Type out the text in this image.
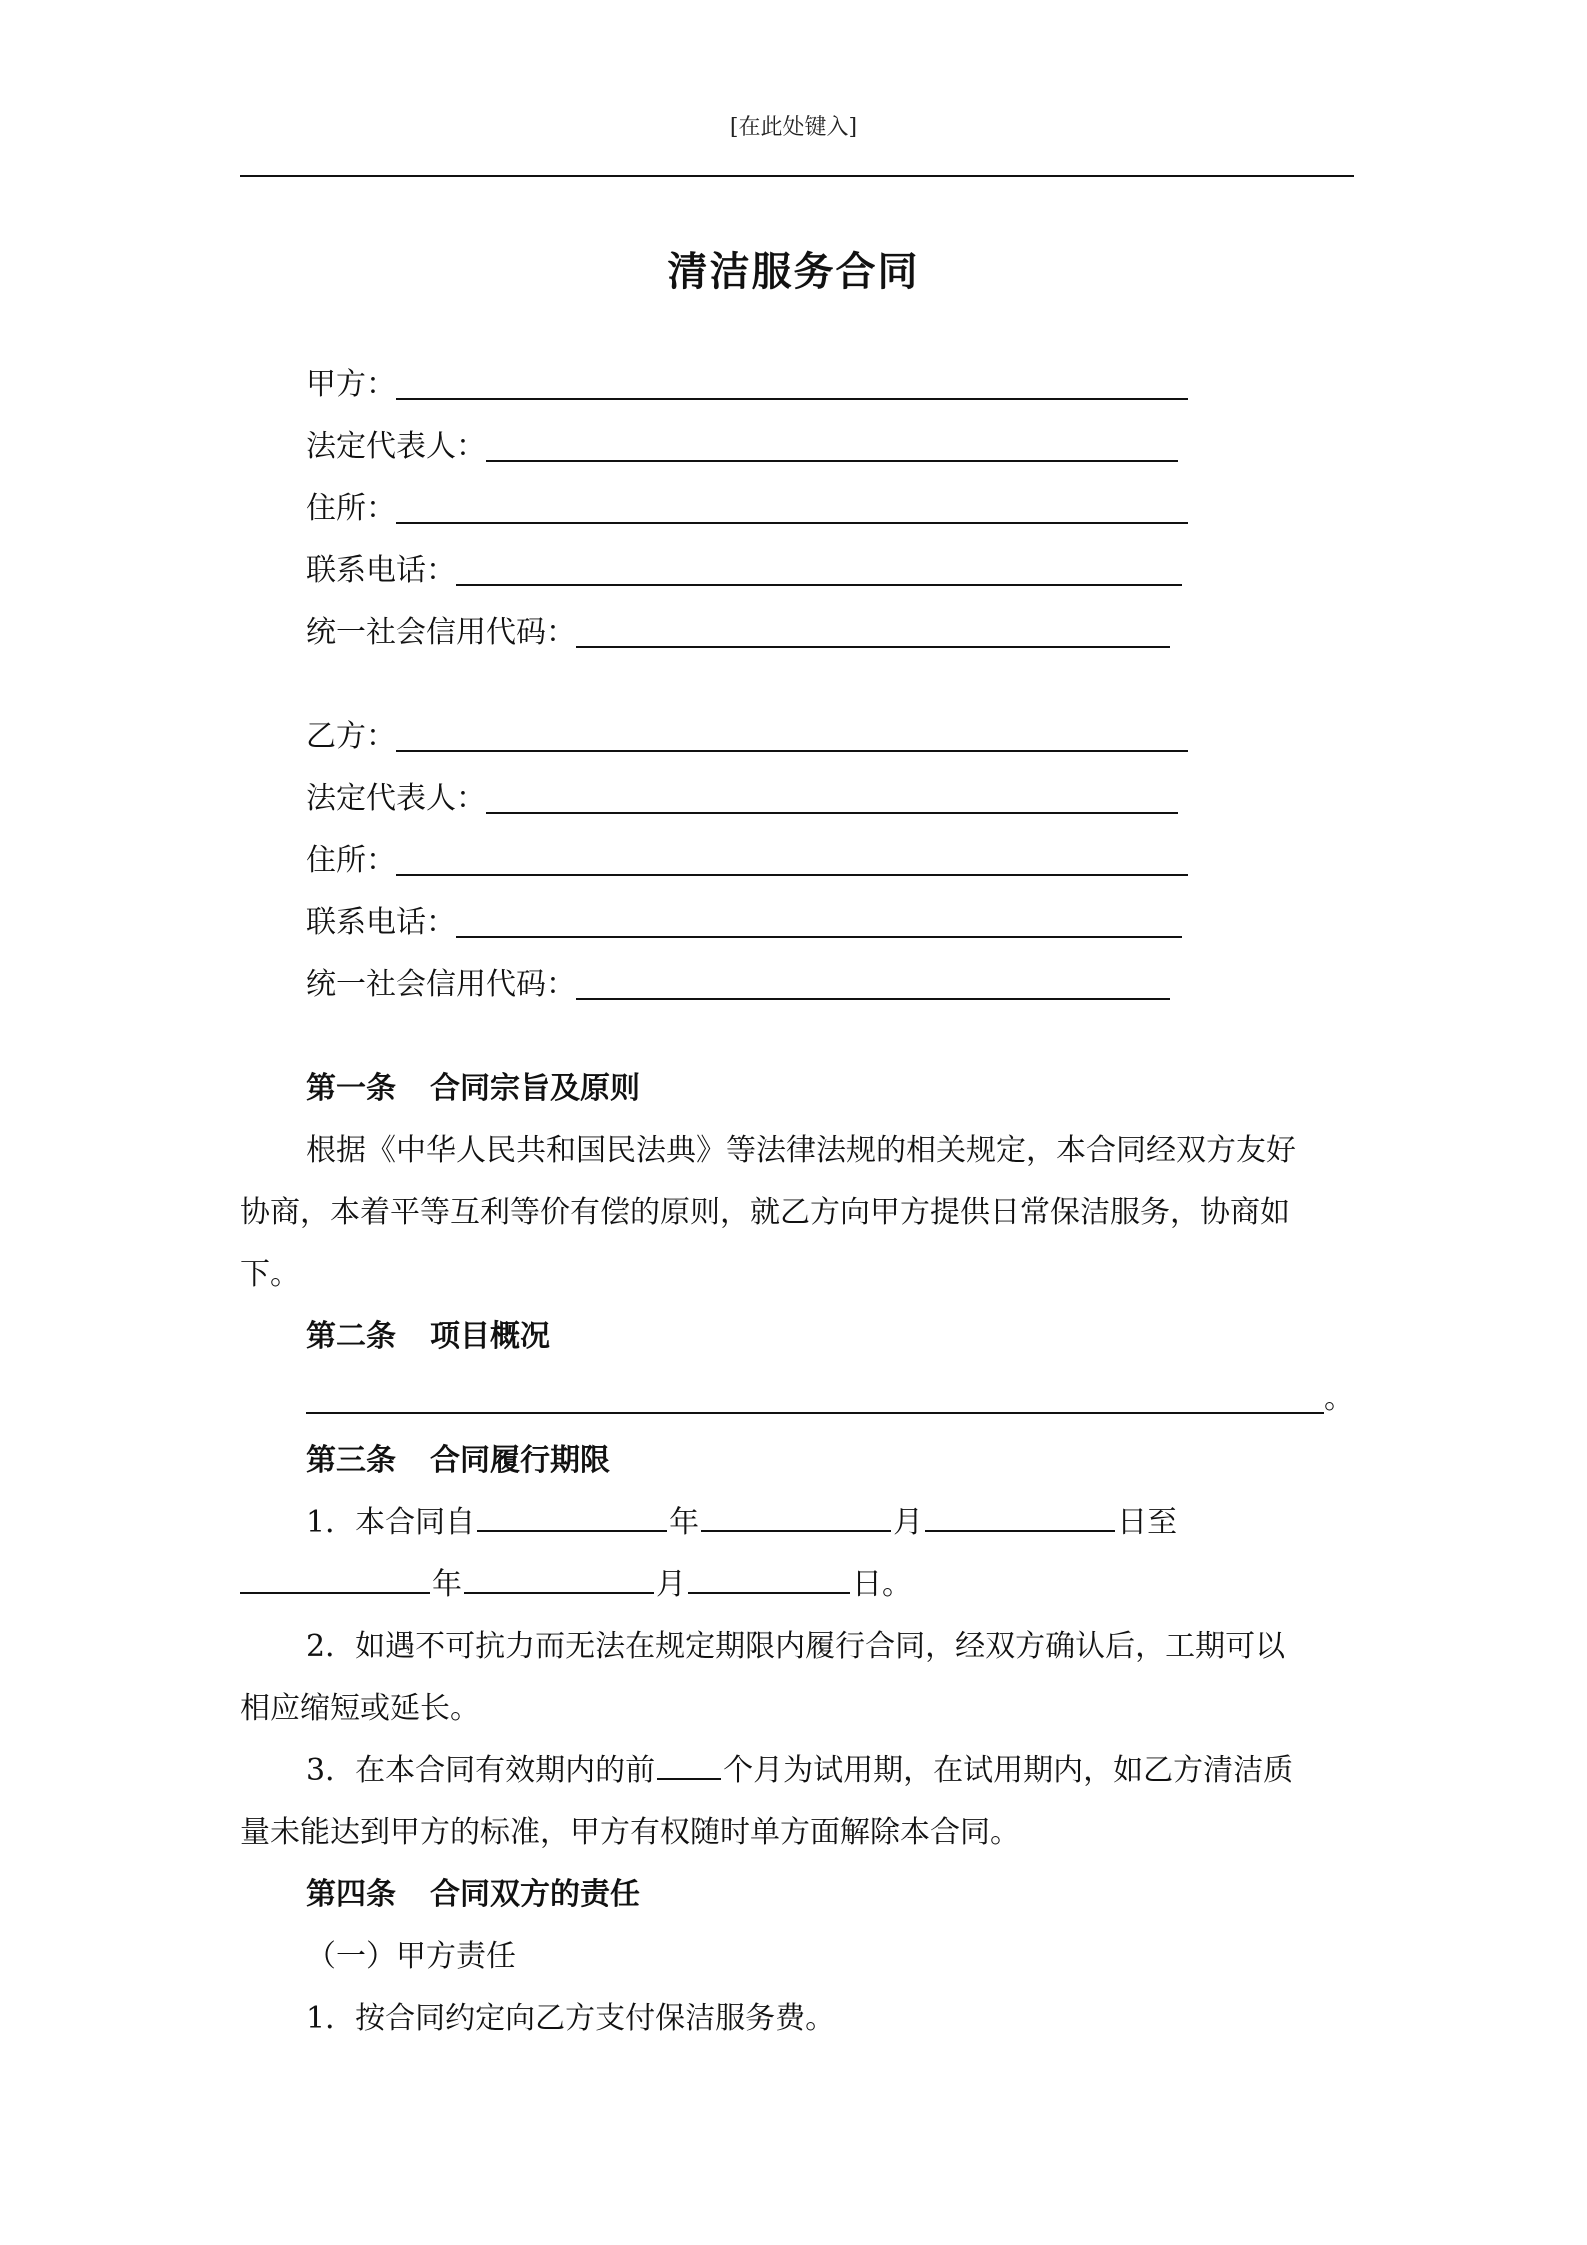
[在此处键入]
清洁服务合同
甲方：
法定代表人：
住所：
联系电话：
统一社会信用代码：
乙方：
法定代表人：
住所：
联系电话：
统一社会信用代码：
第一条 合同宗旨及原则
根据《中华人民共和国民法典》等法律法规的相关规定，本合同经双方友好
协商，本着平等互利等价有偿的原则，就乙方向甲方提供日常保洁服务，协商如
下。
第二条 项目概况
。
第三条 合同履行期限
1．本合同自	年	月	日至
年	月	日。
2．如遇不可抗力而无法在规定期限内履行合同，经双方确认后，工期可以
相应缩短或延长。
3．在本合同有效期内的前 个月为试用期，在试用期内，如乙方清洁质
量未能达到甲方的标准，甲方有权随时单方面解除本合同。
第四条 合同双方的责任
（一）甲方责任
1．按合同约定向乙方支付保洁服务费。
